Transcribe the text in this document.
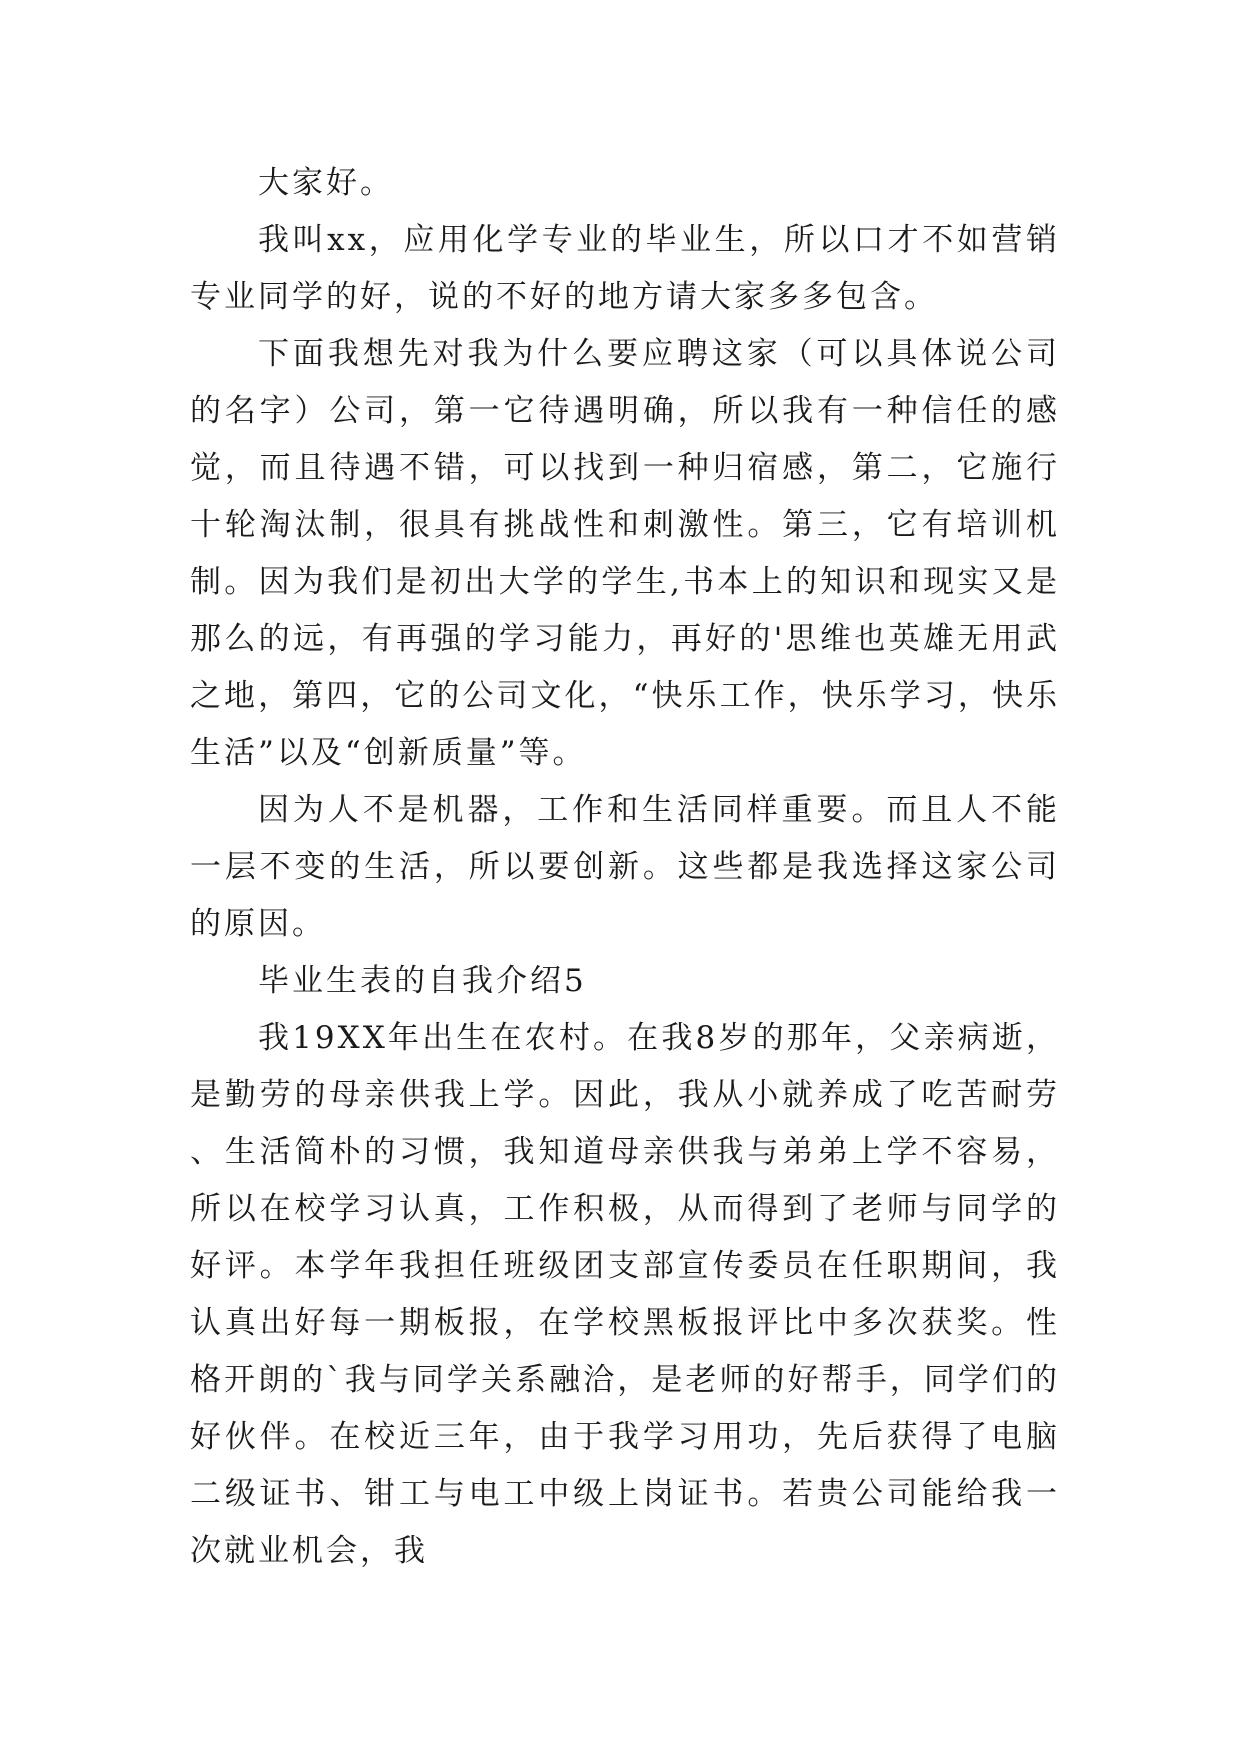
大家好。

我叫xx，应用化学专业的毕业生，所以口才不如营销专业同学的好，说的不好的地方请大家多多包含。

下面我想先对我为什么要应聘这家（可以具体说公司的名字）公司，第一它待遇明确，所以我有一种信任的感觉，而且待遇不错，可以找到一种归宿感，第二，它施行十轮淘汰制，很具有挑战性和刺激性。第三，它有培训机制。因为我们是初出大学的学生,书本上的知识和现实又是那么的远，有再强的学习能力，再好的'思维也英雄无用武之地，第四，它的公司文化，“快乐工作，快乐学习，快乐生活”以及“创新质量”等。

因为人不是机器，工作和生活同样重要。而且人不能一层不变的生活，所以要创新。这些都是我选择这家公司的原因。

毕业生表的自我介绍5

我19XX年出生在农村。在我8岁的那年，父亲病逝，是勤劳的母亲供我上学。因此，我从小就养成了吃苦耐劳、生活简朴的习惯，我知道母亲供我与弟弟上学不容易，所以在校学习认真，工作积极，从而得到了老师与同学的好评。本学年我担任班级团支部宣传委员在任职期间，我认真出好每一期板报，在学校黑板报评比中多次获奖。性格开朗的`我与同学关系融洽，是老师的好帮手，同学们的好伙伴。在校近三年，由于我学习用功，先后获得了电脑二级证书、钳工与电工中级上岗证书。若贵公司能给我一次就业机会，我
